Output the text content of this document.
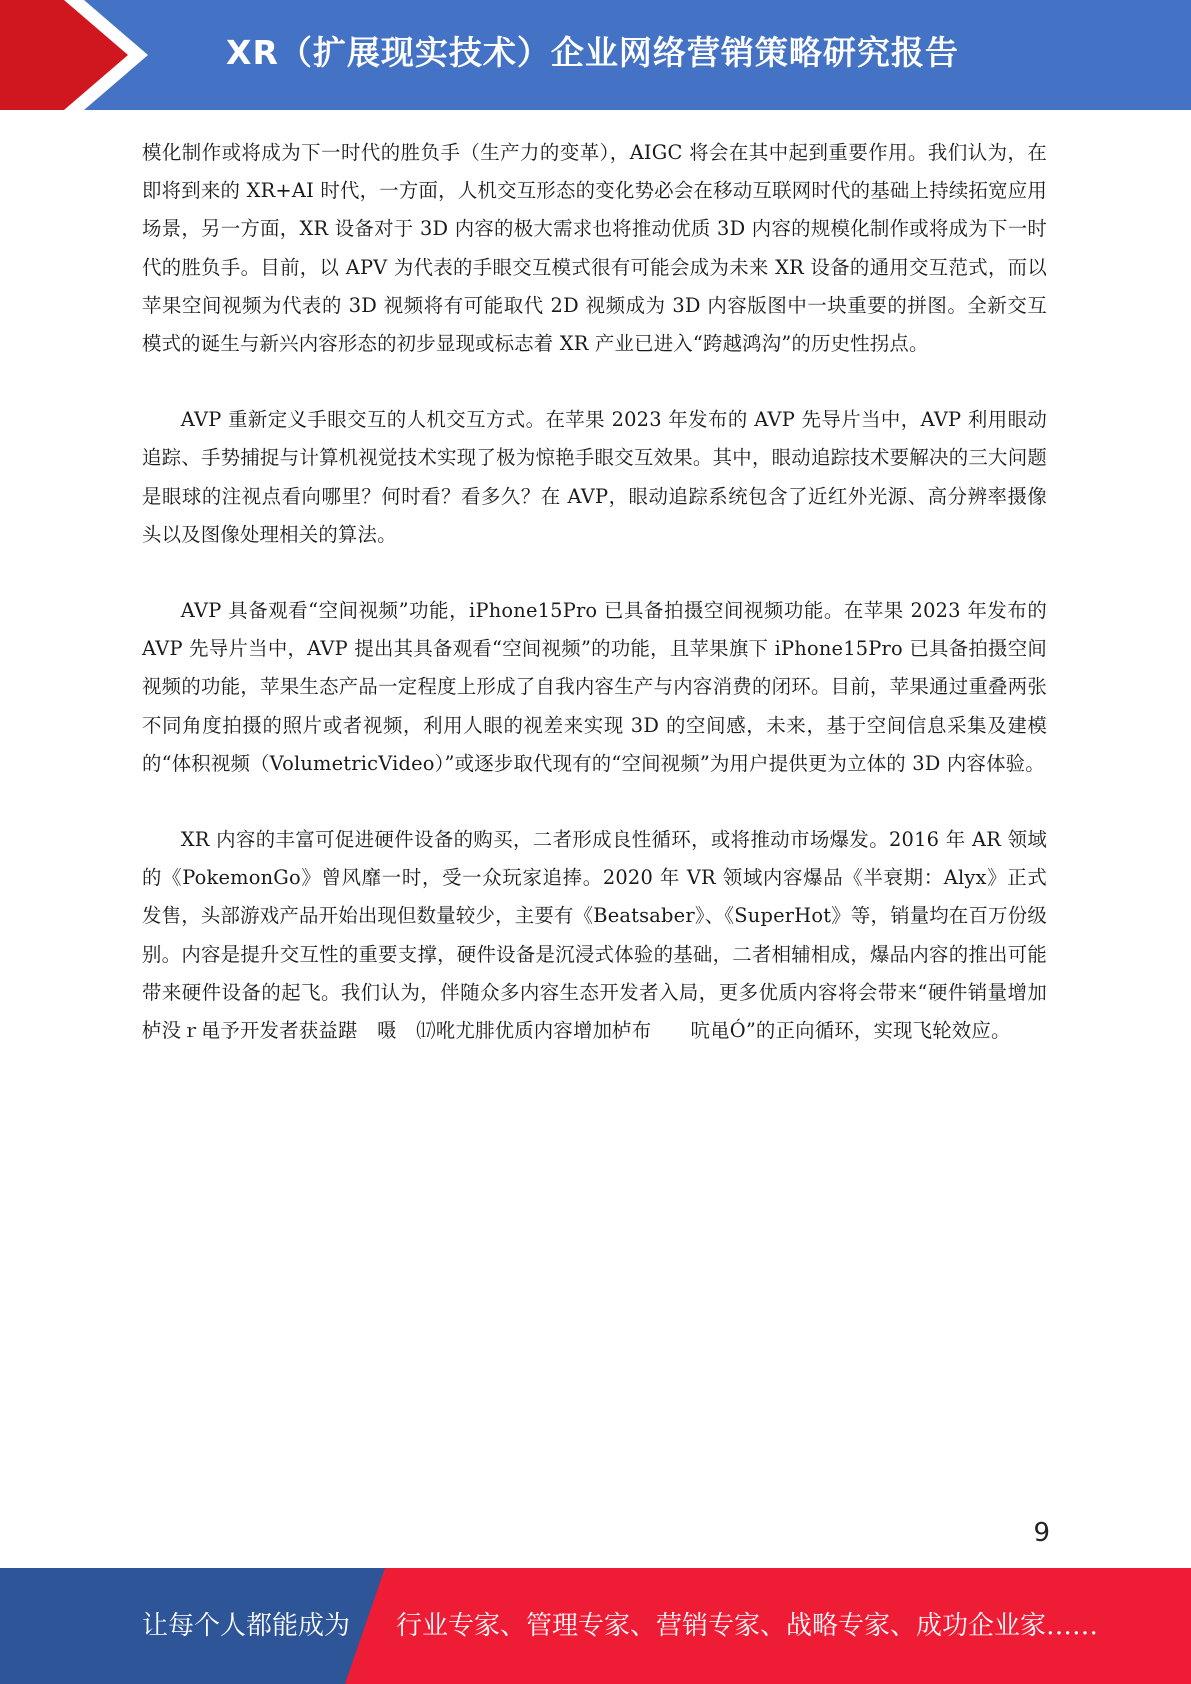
XR（扩展现实技术）企业网络营销策略研究报告

模化制作或将成为下一时代的胜负手（生产力的变革），AIGC 将会在其中起到重要作用。我们认为，在即将到来的 XR+AI 时代，一方面，人机交互形态的变化势必会在移动互联网时代的基础上持续拓宽应用场景，另一方面，XR 设备对于 3D 内容的极大需求也将推动优质 3D 内容的规模化制作或将成为下一时代的胜负手。目前，以 APV 为代表的手眼交互模式很有可能会成为未来 XR 设备的通用交互范式，而以苹果空间视频为代表的 3D 视频将有可能取代 2D 视频成为 3D 内容版图中一块重要的拼图。全新交互模式的诞生与新兴内容形态的初步显现或标志着 XR 产业已进入“跨越鸿沟”的历史性拐点。

AVP 重新定义手眼交互的人机交互方式。在苹果 2023 年发布的 AVP 先导片当中，AVP 利用眼动追踪、手势捕捉与计算机视觉技术实现了极为惊艳手眼交互效果。其中，眼动追踪技术要解决的三大问题是眼球的注视点看向哪里？何时看？看多久？在 AVP，眼动追踪系统包含了近红外光源、高分辨率摄像头以及图像处理相关的算法。

AVP 具备观看“空间视频”功能，iPhone15Pro 已具备拍摄空间视频功能。在苹果 2023 年发布的 AVP 先导片当中，AVP 提出其具备观看“空间视频”的功能，且苹果旗下 iPhone15Pro 已具备拍摄空间视频的功能，苹果生态产品一定程度上形成了自我内容生产与内容消费的闭环。目前，苹果通过重叠两张不同角度拍摄的照片或者视频，利用人眼的视差来实现 3D 的空间感，未来，基于空间信息采集及建模的“体积视频（VolumetricVideo）”或逐步取代现有的“空间视频”为用户提供更为立体的 3D 内容体验。

XR 内容的丰富可促进硬件设备的购买，二者形成良性循环，或将推动市场爆发。2016 年 AR 领域的《PokemonGo》曾风靡一时，受一众玩家追捧。2020 年 VR 领域内容爆品《半衰期：Alyx》正式发售，头部游戏产品开始出现但数量较少，主要有《Beatsaber》、《SuperHot》等，销量均在百万份级别。内容是提升交互性的重要支撑，硬件设备是沉浸式体验的基础，二者相辅相成，爆品内容的推出可能带来硬件设备的起飞。我们认为，伴随众多内容生态开发者入局，更多优质内容将会带来“硬件销量增加栌没ｒ黾予开发者获益踸　嗫　⒄吪尤腓优质内容增加栌布　　吭黾Ó”的正向循环，实现飞轮效应。

9
让每个人都能成为 行业专家、管理专家、营销专家、战略专家、成功企业家……
